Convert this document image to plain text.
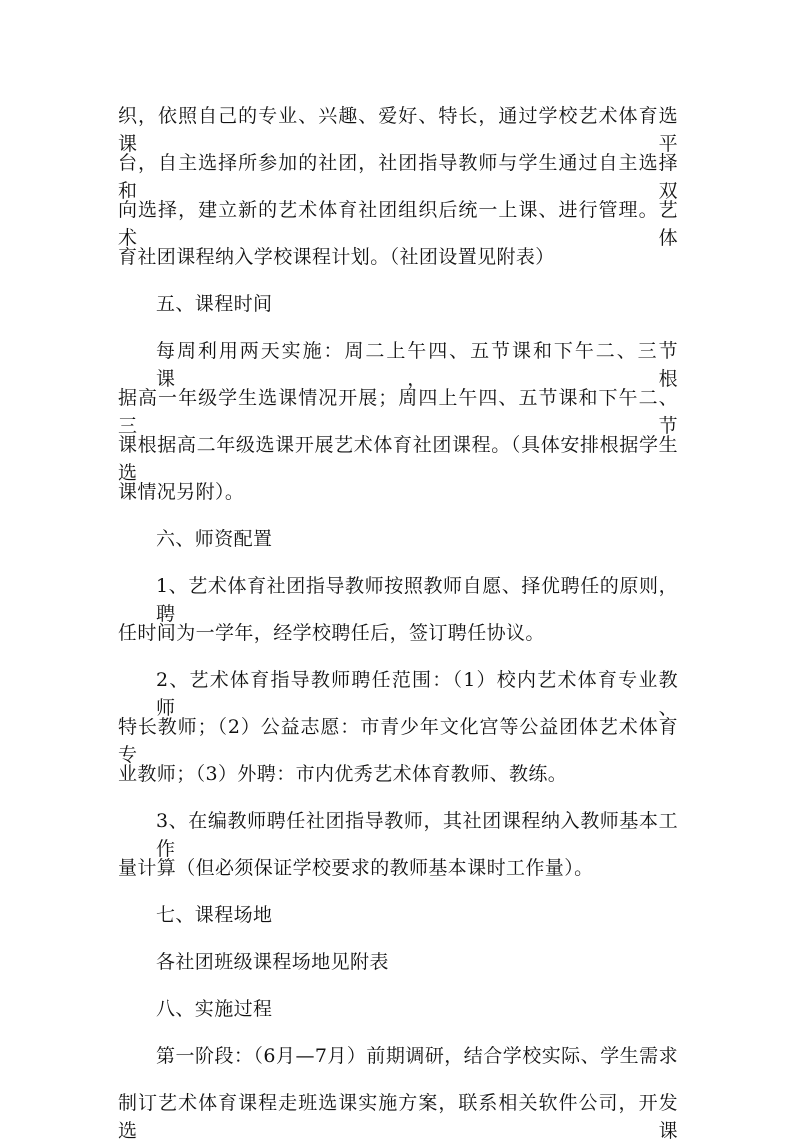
织，依照自己的专业、兴趣、爱好、特长，通过学校艺术体育选课平
台，自主选择所参加的社团，社团指导教师与学生通过自主选择和双
向选择，建立新的艺术体育社团组织后统一上课、进行管理。艺术体
育社团课程纳入学校课程计划。（社团设置见附表）
五、课程时间
每周利用两天实施：周二上午四、五节课和下午二、三节课，根
据高一年级学生选课情况开展；周四上午四、五节课和下午二、三节
课根据高二年级选课开展艺术体育社团课程。（具体安排根据学生选
课情况另附）。
六、师资配置
1、艺术体育社团指导教师按照教师自愿、择优聘任的原则，聘
任时间为一学年，经学校聘任后，签订聘任协议。
2、艺术体育指导教师聘任范围：（1）校内艺术体育专业教师、
特长教师；（2）公益志愿：市青少年文化宫等公益团体艺术体育专
业教师；（3）外聘：市内优秀艺术体育教师、教练。
3、在编教师聘任社团指导教师，其社团课程纳入教师基本工作
量计算（但必须保证学校要求的教师基本课时工作量）。
七、课程场地
各社团班级课程场地见附表
八、实施过程
第一阶段：（6月—7月）前期调研，结合学校实际、学生需求
制订艺术体育课程走班选课实施方案，联系相关软件公司，开发选课
